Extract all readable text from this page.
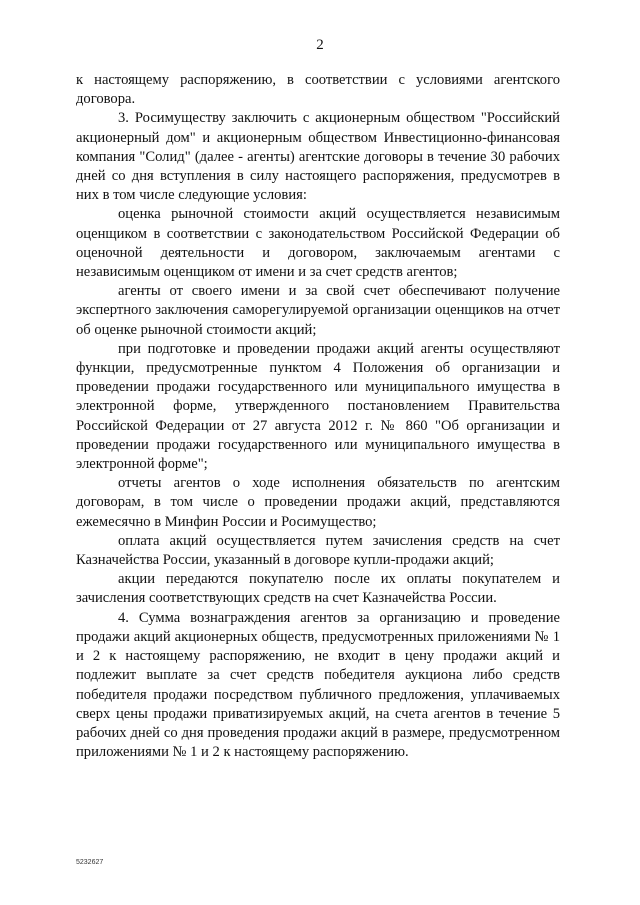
2

к настоящему распоряжению, в соответствии с условиями агентского договора.

3. Росимуществу заключить с акционерным обществом "Российский акционерный дом" и акционерным обществом Инвестиционно-финансовая компания "Солид" (далее - агенты) агентские договоры в течение 30 рабочих дней со дня вступления в силу настоящего распоряжения, предусмотрев в них в том числе следующие условия:

оценка рыночной стоимости акций осуществляется независимым оценщиком в соответствии с законодательством Российской Федерации об оценочной деятельности и договором, заключаемым агентами с независимым оценщиком от имени и за счет средств агентов;

агенты от своего имени и за свой счет обеспечивают получение экспертного заключения саморегулируемой организации оценщиков на отчет об оценке рыночной стоимости акций;

при подготовке и проведении продажи акций агенты осуществляют функции, предусмотренные пунктом 4 Положения об организации и проведении продажи государственного или муниципального имущества в электронной форме, утвержденного постановлением Правительства Российской Федерации от 27 августа 2012 г. № 860 "Об организации и проведении продажи государственного или муниципального имущества в электронной форме";

отчеты агентов о ходе исполнения обязательств по агентским договорам, в том числе о проведении продажи акций, представляются ежемесячно в Минфин России и Росимущество;

оплата акций осуществляется путем зачисления средств на счет Казначейства России, указанный в договоре купли-продажи акций;

акции передаются покупателю после их оплаты покупателем и зачисления соответствующих средств на счет Казначейства России.

4. Сумма вознаграждения агентов за организацию и проведение продажи акций акционерных обществ, предусмотренных приложениями № 1 и 2 к настоящему распоряжению, не входит в цену продажи акций и подлежит выплате за счет средств победителя аукциона либо средств победителя продажи посредством публичного предложения, уплачиваемых сверх цены продажи приватизируемых акций, на счета агентов в течение 5 рабочих дней со дня проведения продажи акций в размере, предусмотренном приложениями № 1 и 2 к настоящему распоряжению.

5232627
